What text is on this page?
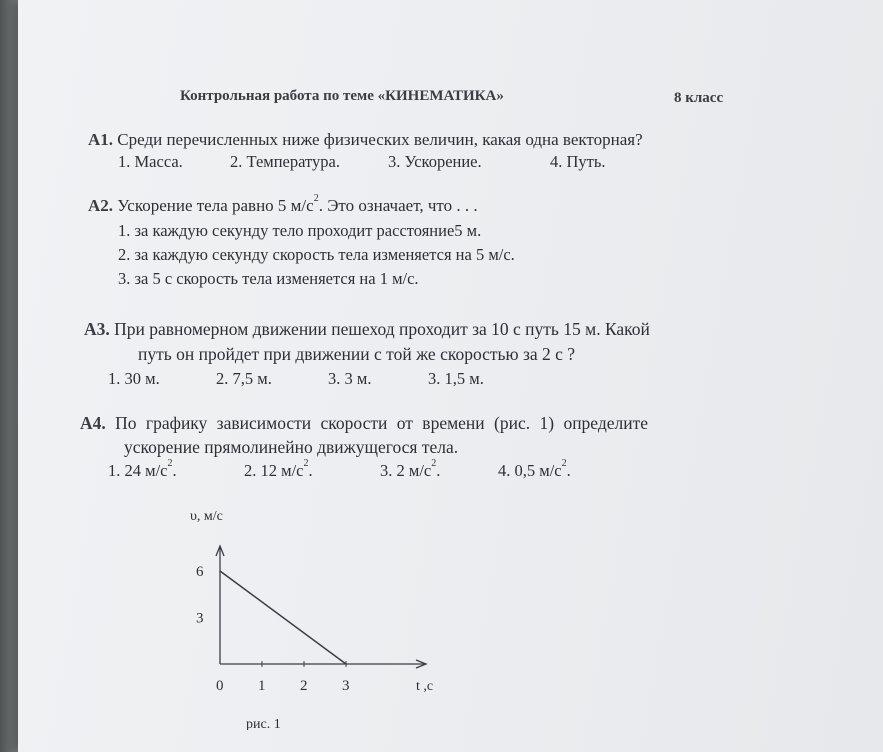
Контрольная работа по теме «КИНЕМАТИКА»	8 класс
А1. Среди перечисленных ниже физических величин, какая одна векторная?
1. Масса.	2. Температура.	3. Ускорение.	4. Путь.
А2. Ускорение тела равно 5 $м/с^2$. Это означает, что . . .
1. за каждую секунду тело проходит расстояние5 м.
2. за каждую секунду скорость тела изменяется на 5 м/с.
3. за 5 с скорость тела изменяется на 1 м/с.
А3. При равномерном движении пешеход проходит за 10 с путь 15 м. Какой
путь он пройдет при движении с той же скоростью за 2 с ?
1. 30 м.	2. 7,5 м.	3. 3 м.	3. 1,5 м.
А4. По графику зависимости скорости от времени (рис. 1) определите
ускорение прямолинейно движущегося тела.
1. 24 $м/с^2$.	2. 12 $м/с^2$.	3. 2 $м/с^2$.	4. 0,5 $м/с^2$.
0 1 2 3
3
6
υ, м/с
t ,c
рис. 1
